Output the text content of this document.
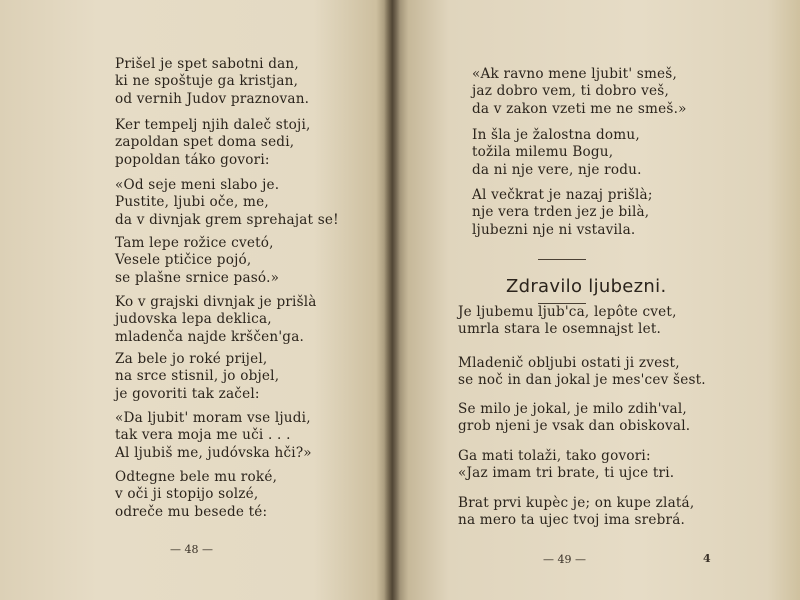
Prišel je spet sabotni dan,
ki ne spoštuje ga kristjan,
od vernih Judov praznovan.

Ker tempelj njih daleč stoji,
zapoldan spet doma sedi,
popoldan táko govori:

«Od seje meni slabo je.
Pustite, ljubi oče, me,
da v divnjak grem sprehajat se!

Tam lepe rožice cvetó,
Vesele ptičice pojó,
se plašne srnice pasó.»

Ko v grajski divnjak je prišlà
judovska lepa deklica,
mladenča najde krščen'ga.

Za bele jo roké prijel,
na srce stisnil, jo objel,
je govoriti tak začel:

«Da ljubit' moram vse ljudi,
tak vera moja me uči . . .
Al ljubiš me, judóvska hči?»

Odtegne bele mu roké,
v oči ji stopijo solzé,
odreče mu besede té:

«Ak ravno mene ljubit' smeš,
jaz dobro vem, ti dobro veš,
da v zakon vzeti me ne smeš.»

In šla je žalostna domu,
tožila milemu Bogu,
da ni nje vere, nje rodu.

Al večkrat je nazaj prišlà;
nje vera trden jez je bilà,
ljubezni nje ni vstavila.

Zdravilo ljubezni.

Je ljubemu ljub'ca, lepôte cvet,
umrla stara le osemnajst let.

Mladenič obljubi ostati ji zvest,
se noč in dan jokal je mes'cev šest.

Se milo je jokal, je milo zdih'val,
grob njeni je vsak dan obiskoval.

Ga mati tolaži, tako govori:
«Jaz imam tri brate, ti ujce tri.

Brat prvi kupèc je; on kupe zlatá,
na mero ta ujec tvoj ima srebrá.

— 48 —
— 49 —	4
